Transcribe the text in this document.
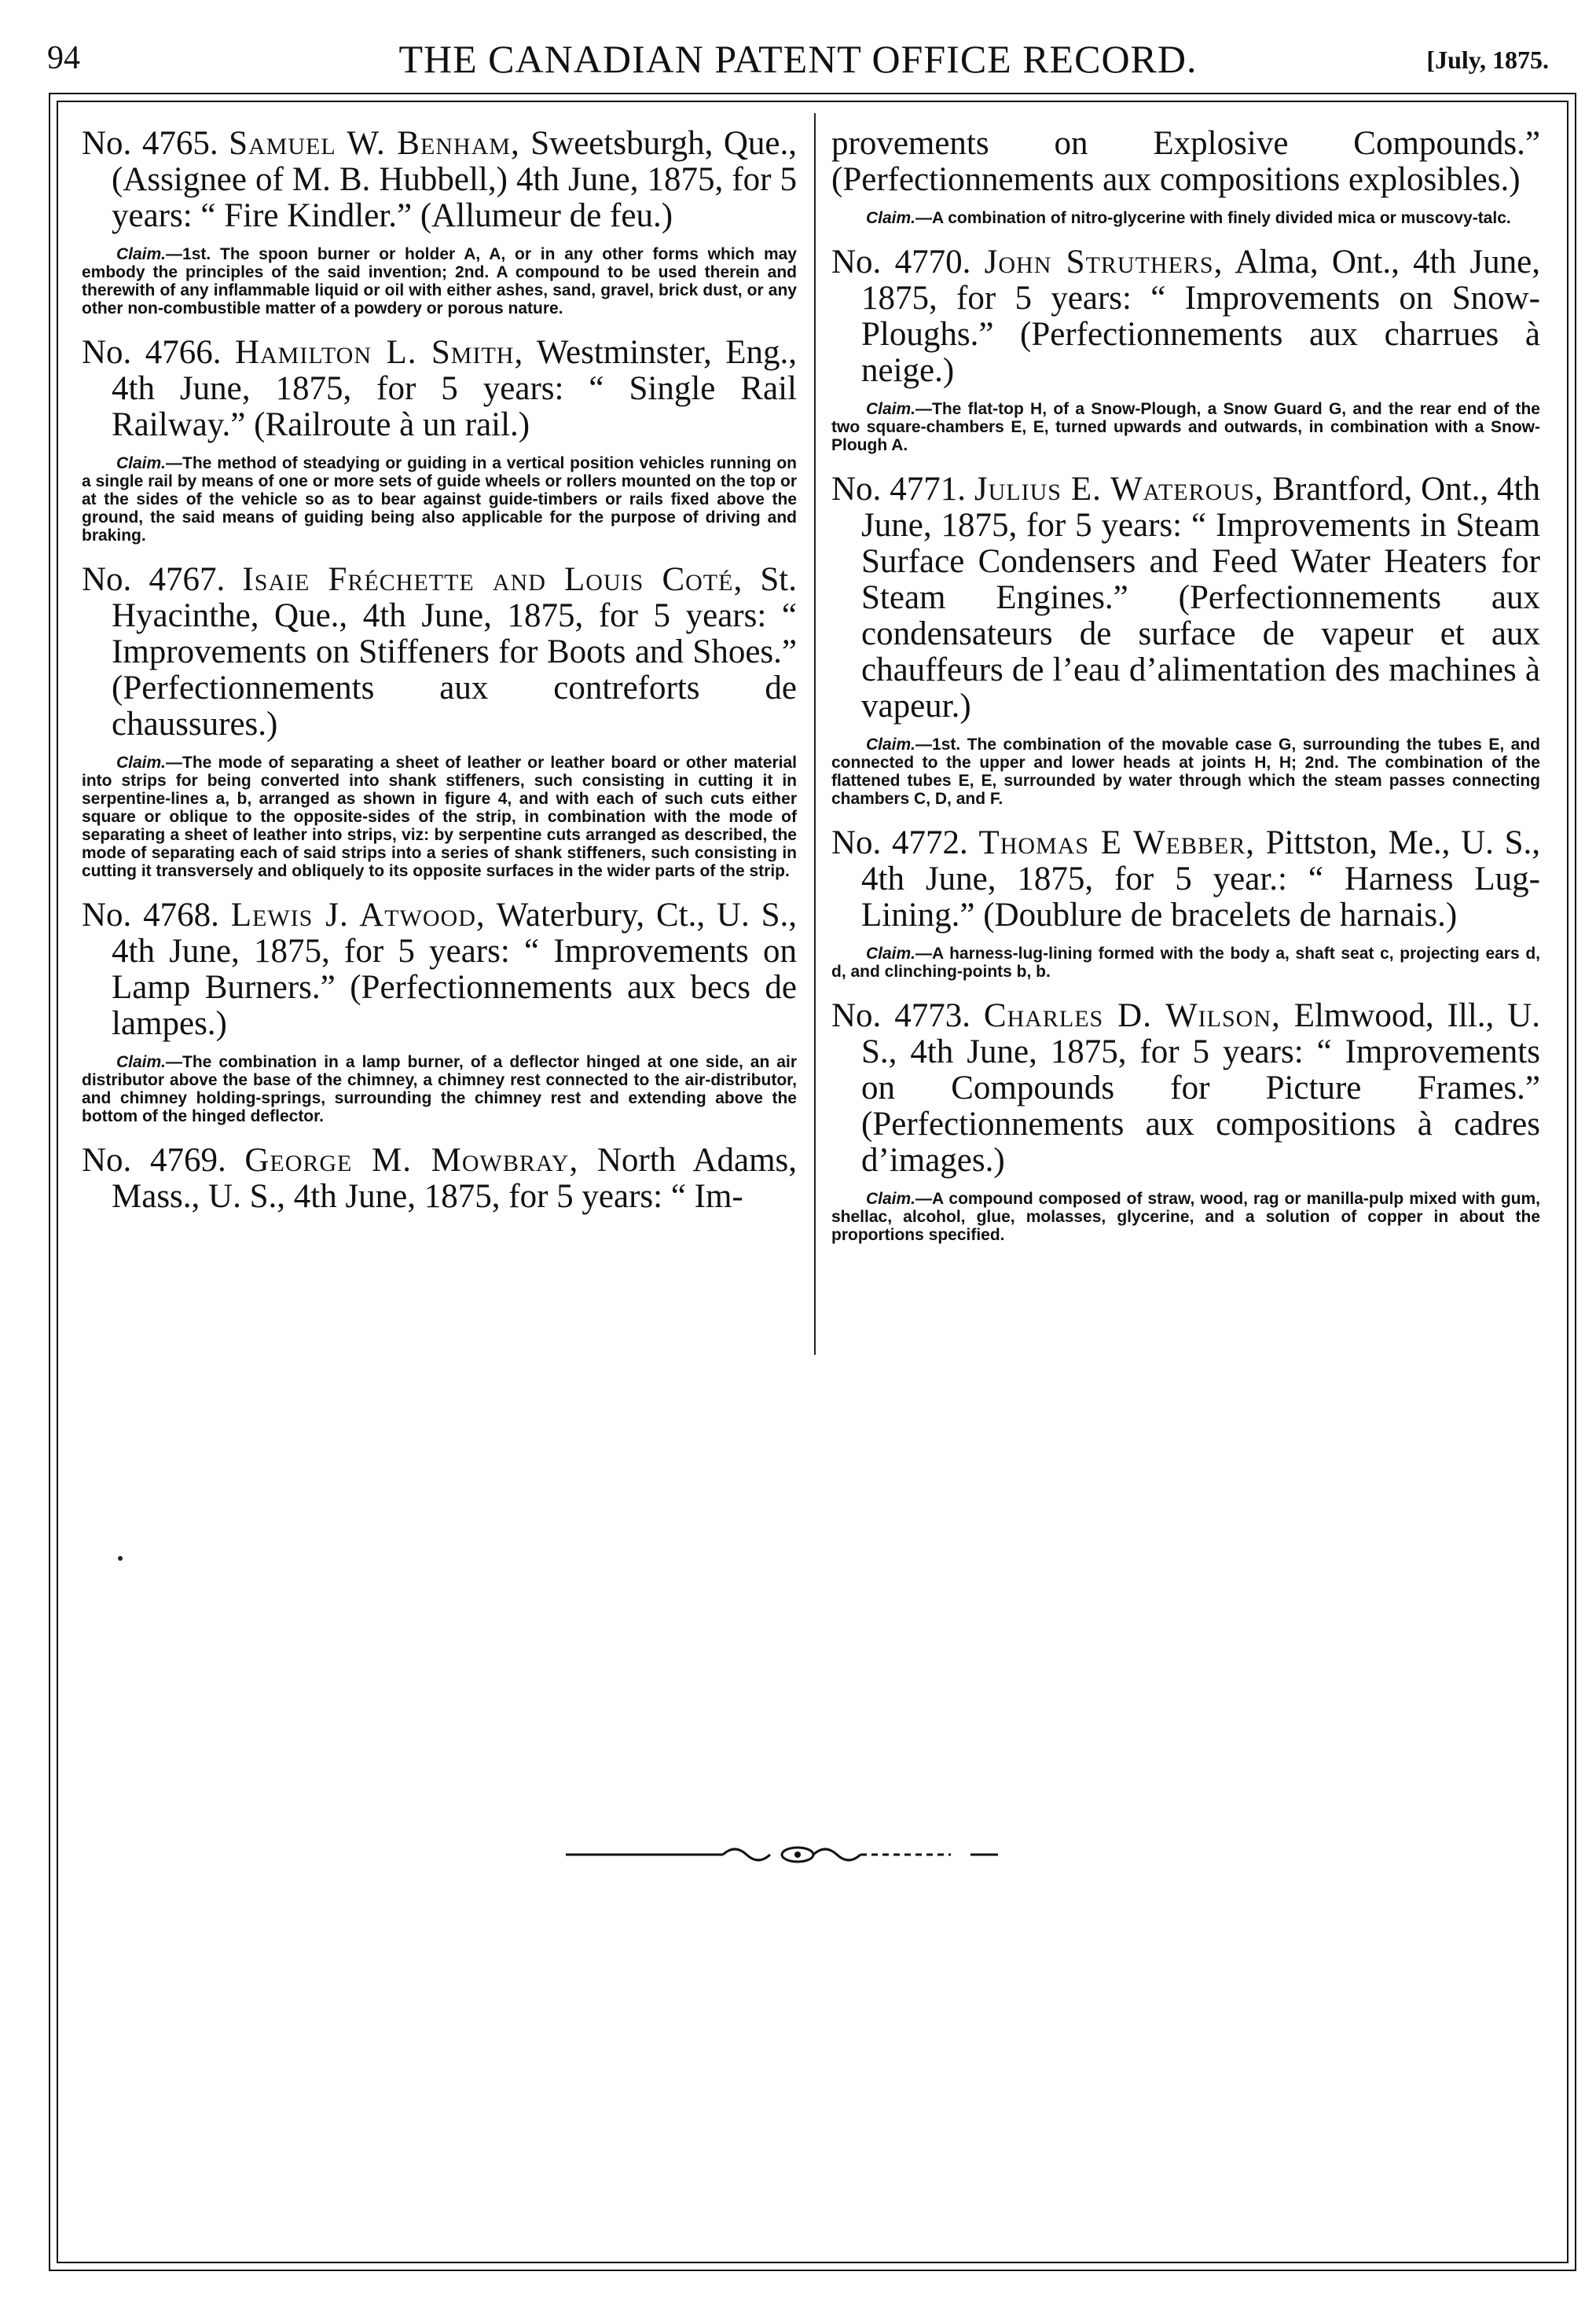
94	THE CANADIAN PATENT OFFICE RECORD.	[July, 1875.

No. 4765. Samuel W. Benham, Sweetsburgh, Que., (Assignee of M. B. Hubbell,) 4th June, 1875, for 5 years: “ Fire Kindler.” (Allumeur de feu.)

Claim.—1st. The spoon burner or holder A, A, or in any other forms which may embody the principles of the said invention; 2nd. A compound to be used therein and therewith of any inflammable liquid or oil with either ashes, sand, gravel, brick dust, or any other non-combustible matter of a powdery or porous nature.

No. 4766. Hamilton L. Smith, Westminster, Eng., 4th June, 1875, for 5 years: “ Single Rail Railway.” (Railroute à un rail.)

Claim.—The method of steadying or guiding in a vertical position vehicles running on a single rail by means of one or more sets of guide wheels or rollers mounted on the top or at the sides of the vehicle so as to bear against guide-timbers or rails fixed above the ground, the said means of guiding being also applicable for the purpose of driving and braking.

No. 4767. Isaie Fréchette and Louis Coté, St. Hyacinthe, Que., 4th June, 1875, for 5 years: “ Improvements on Stiffeners for Boots and Shoes.” (Perfectionnements aux contreforts de chaussures.)

Claim.—The mode of separating a sheet of leather or leather board or other material into strips for being converted into shank stiffeners, such consisting in cutting it in serpentine-lines a, b, arranged as shown in figure 4, and with each of such cuts either square or oblique to the opposite-sides of the strip, in combination with the mode of separating a sheet of leather into strips, viz: by serpentine cuts arranged as described, the mode of separating each of said strips into a series of shank stiffeners, such consisting in cutting it transversely and obliquely to its opposite surfaces in the wider parts of the strip.

No. 4768. Lewis J. Atwood, Waterbury, Ct., U. S., 4th June, 1875, for 5 years: “ Improvements on Lamp Burners.” (Perfectionnements aux becs de lampes.)

Claim.—The combination in a lamp burner, of a deflector hinged at one side, an air distributor above the base of the chimney, a chimney rest connected to the air-distributor, and chimney holding-springs, surrounding the chimney rest and extending above the bottom of the hinged deflector.

No. 4769. George M. Mowbray, North Adams, Mass., U. S., 4th June, 1875, for 5 years: “ Im-

provements on Explosive Compounds.” (Perfectionnements aux compositions explosibles.)

Claim.—A combination of nitro-glycerine with finely divided mica or muscovy-talc.

No. 4770. John Struthers, Alma, Ont., 4th June, 1875, for 5 years: “ Improvements on Snow-Ploughs.” (Perfectionnements aux charrues à neige.)

Claim.—The flat-top H, of a Snow-Plough, a Snow Guard G, and the rear end of the two square-chambers E, E, turned upwards and outwards, in combination with a Snow-Plough A.

No. 4771. Julius E. Waterous, Brantford, Ont., 4th June, 1875, for 5 years: “ Improvements in Steam Surface Condensers and Feed Water Heaters for Steam Engines.” (Perfectionnements aux condensateurs de surface de vapeur et aux chauffeurs de l’eau d’alimentation des machines à vapeur.)

Claim.—1st. The combination of the movable case G, surrounding the tubes E, and connected to the upper and lower heads at joints H, H; 2nd. The combination of the flattened tubes E, E, surrounded by water through which the steam passes connecting chambers C, D, and F.

No. 4772. Thomas E Webber, Pittston, Me., U. S., 4th June, 1875, for 5 year.: “ Harness Lug-Lining.” (Doublure de bracelets de harnais.)

Claim.—A harness-lug-lining formed with the body a, shaft seat c, projecting ears d, d, and clinching-points b, b.

No. 4773. Charles D. Wilson, Elmwood, Ill., U. S., 4th June, 1875, for 5 years: “ Improvements on Compounds for Picture Frames.” (Perfectionnements aux compositions à cadres d’images.)

Claim.—A compound composed of straw, wood, rag or manilla-pulp mixed with gum, shellac, alcohol, glue, molasses, glycerine, and a solution of copper in about the proportions specified.
